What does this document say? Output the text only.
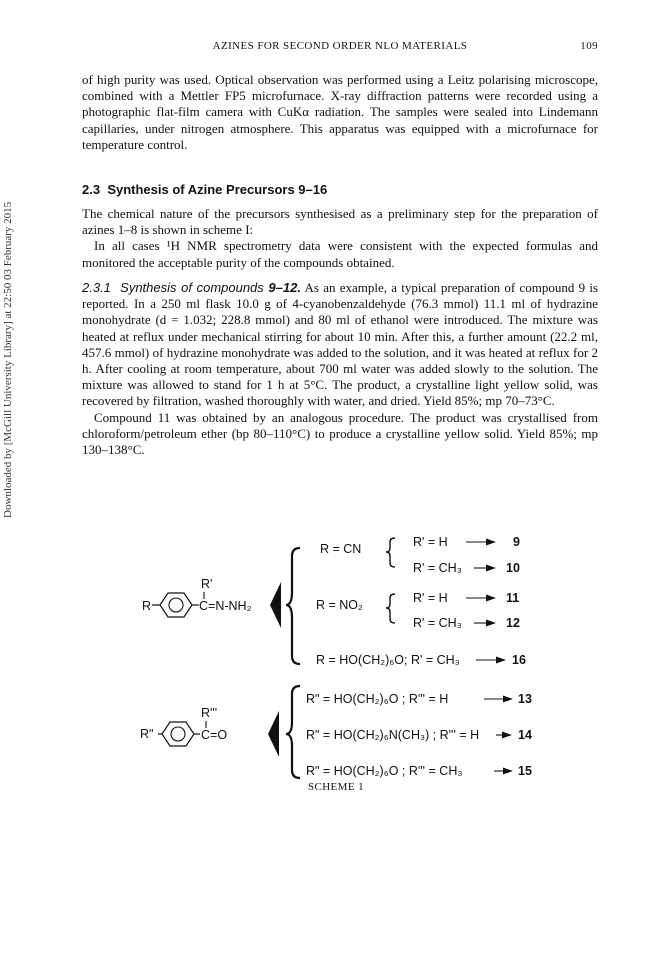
Downloaded by [McGill University Library] at 22:50 03 February 2015
AZINES FOR SECOND ORDER NLO MATERIALS	109

of high purity was used. Optical observation was performed using a Leitz polarising microscope, combined with a Mettler FP5 microfurnace. X-ray diffraction patterns were recorded using a photographic flat-film camera with CuKα radiation. The samples were sealed into Lindemann capillaries, under nitrogen atmosphere. This apparatus was equipped with a microfurnace for temperature control.

2.3 Synthesis of Azine Precursors 9–16

The chemical nature of the precursors synthesised as a preliminary step for the preparation of azines 1–8 is shown in scheme I:

In all cases ¹H NMR spectrometry data were consistent with the expected formulas and monitored the acceptable purity of the compounds obtained.

2.3.1 Synthesis of compounds 9–12. As an example, a typical preparation of compound 9 is reported. In a 250 ml flask 10.0 g of 4-cyanobenzaldehyde (76.3 mmol) 11.1 ml of hydrazine monohydrate (d = 1.032; 228.8 mmol) and 80 ml of ethanol were introduced. The mixture was heated at reflux under mechanical stirring for about 10 min. After this, a further amount (22.2 ml, 457.6 mmol) of hydrazine monohydrate was added to the solution, and it was heated at reflux for 2 h. After cooling at room temperature, about 700 ml water was added slowly to the solution. The mixture was allowed to stand for 1 h at 5°C. The product, a crystalline light yellow solid, was recovered by filtration, washed thoroughly with water, and dried. Yield 85%; mp 70–73°C.

Compound 11 was obtained by an analogous procedure. The product was crystallised from chloroform/petroleum ether (bp 80–110°C) to produce a crystalline yellow solid. Yield 85%; mp 130–138°C.

R
R'
C=N-NH₂
R = CN	R' = H	9
R' = CH₃	10
R = NO₂	R' = H	11
R' = CH₃	12
R = HO(CH₂)₆O; R' = CH₃	16
R"
R'''
C=O
R" = HO(CH₂)₆O ; R''' = H	13
R" = HO(CH₂)₆N(CH₃) ; R''' = H	14
R" = HO(CH₂)₆O ; R''' = CH₃	15
SCHEME 1
